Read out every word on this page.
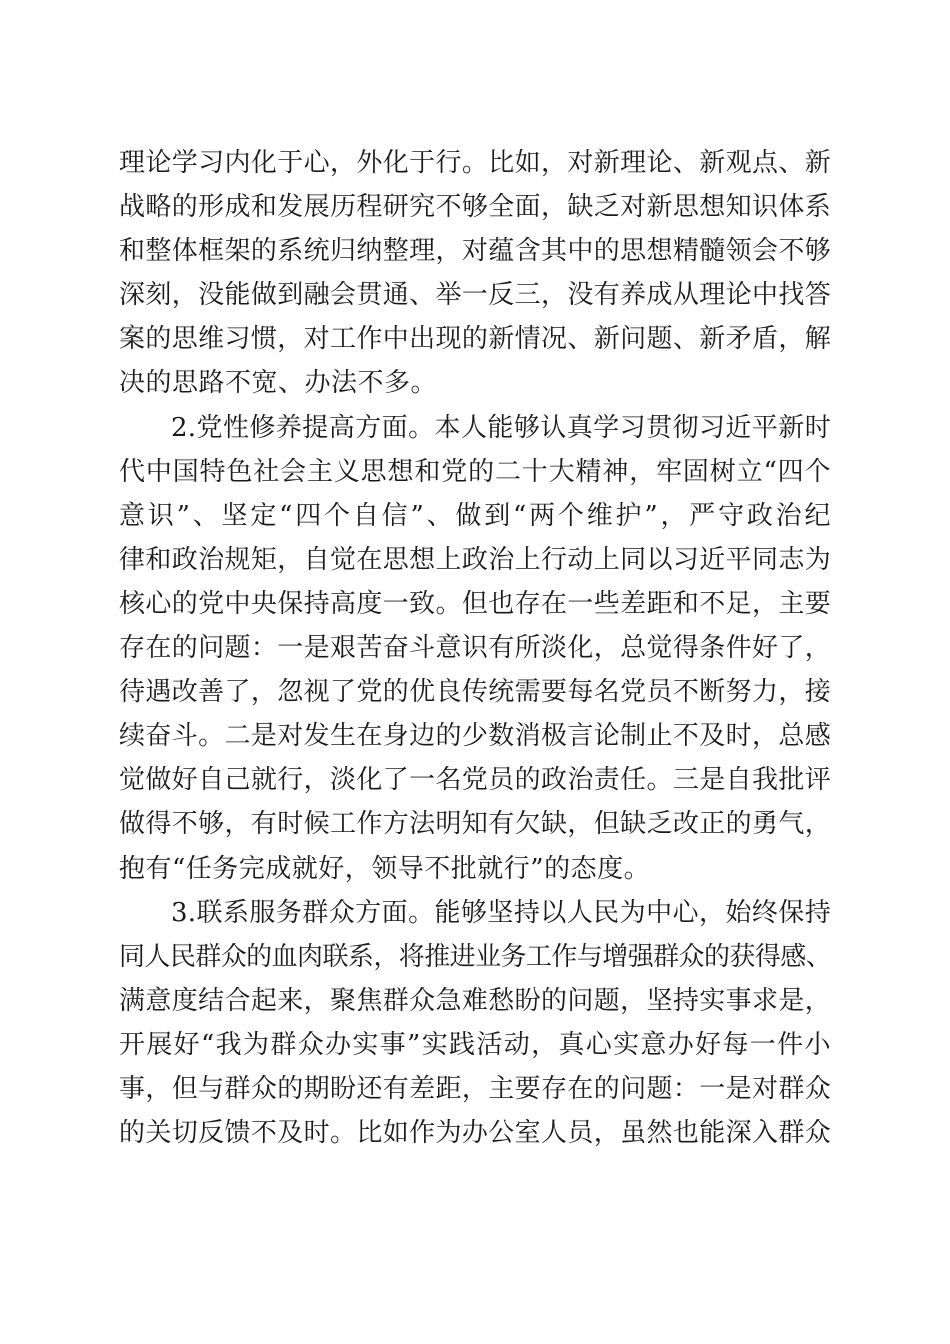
理论学习内化于心，外化于行。比如，对新理论、新观点、新
战略的形成和发展历程研究不够全面，缺乏对新思想知识体系
和整体框架的系统归纳整理，对蕴含其中的思想精髓领会不够
深刻，没能做到融会贯通、举一反三，没有养成从理论中找答
案的思维习惯，对工作中出现的新情况、新问题、新矛盾，解
决的思路不宽、办法不多。
2.党性修养提高方面。本人能够认真学习贯彻习近平新时
代中国特色社会主义思想和党的二十大精神，牢固树立“四个
意识”、坚定“四个自信”、做到“两个维护”，严守政治纪
律和政治规矩，自觉在思想上政治上行动上同以习近平同志为
核心的党中央保持高度一致。但也存在一些差距和不足，主要
存在的问题：一是艰苦奋斗意识有所淡化，总觉得条件好了，
待遇改善了，忽视了党的优良传统需要每名党员不断努力，接
续奋斗。二是对发生在身边的少数消极言论制止不及时，总感
觉做好自己就行，淡化了一名党员的政治责任。三是自我批评
做得不够，有时候工作方法明知有欠缺，但缺乏改正的勇气，
抱有“任务完成就好，领导不批就行”的态度。
3.联系服务群众方面。能够坚持以人民为中心，始终保持
同人民群众的血肉联系，将推进业务工作与增强群众的获得感、
满意度结合起来，聚焦群众急难愁盼的问题，坚持实事求是，
开展好“我为群众办实事”实践活动，真心实意办好每一件小
事，但与群众的期盼还有差距，主要存在的问题：一是对群众
的关切反馈不及时。比如作为办公室人员，虽然也能深入群众
